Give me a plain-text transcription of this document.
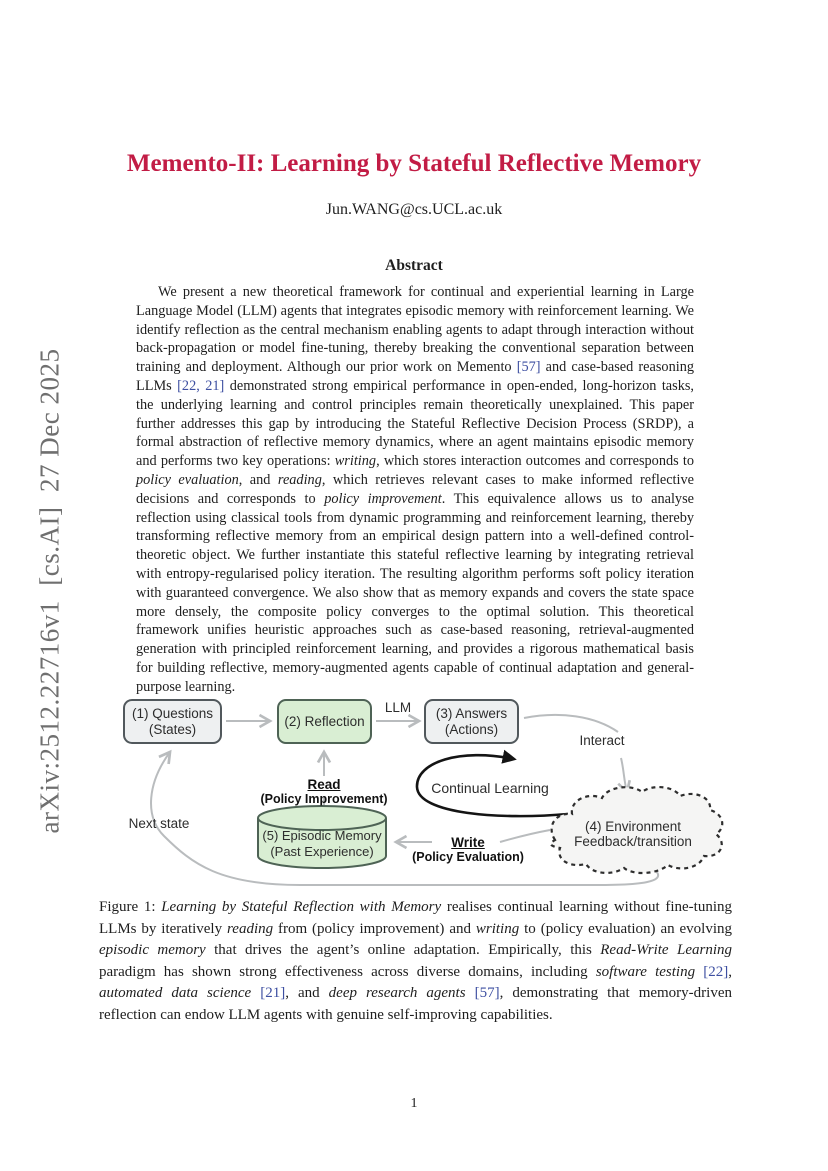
arXiv:2512.22716v1  [cs.AI]  27 Dec 2025
Memento-II: Learning by Stateful Reflective Memory
Jun.WANG@cs.UCL.ac.uk
Abstract

We present a new theoretical framework for continual and experiential learning in Large Language Model (LLM) agents that integrates episodic memory with reinforcement learning. We identify reflection as the central mechanism enabling agents to adapt through interaction without back-propagation or model fine-tuning, thereby breaking the conventional separation between training and deployment. Although our prior work on Memento [57] and case-based reasoning LLMs [22, 21] demonstrated strong empirical performance in open-ended, long-horizon tasks, the underlying learning and control principles remain theoretically unexplained. This paper further addresses this gap by introducing the Stateful Reflective Decision Process (SRDP), a formal abstraction of reflective memory dynamics, where an agent maintains episodic memory and performs two key operations: writing, which stores interaction outcomes and corresponds to policy evaluation, and reading, which retrieves relevant cases to make informed reflective decisions and corresponds to policy improvement. This equivalence allows us to analyse reflection using classical tools from dynamic programming and reinforcement learning, thereby transforming reflective memory from an empirical design pattern into a well-defined control-theoretic object. We further instantiate this stateful reflective learning by integrating retrieval with entropy-regularised policy iteration. The resulting algorithm performs soft policy iteration with guaranteed convergence. We also show that as memory expands and covers the state space more densely, the composite policy converges to the optimal solution. This theoretical framework unifies heuristic approaches such as case-based reasoning, retrieval-augmented generation with principled reinforcement learning, and provides a rigorous mathematical basis for building reflective, memory-augmented agents capable of continual adaptation and general-purpose learning.

(1) Questions
(States)
(2) Reflection
(3) Answers
(Actions)
LLM
Interact
Read
(Policy Improvement)
Continual Learning
Write
(Policy Evaluation)
(5) Episodic Memory
(Past Experience)
(4) Environment
Feedback/transition
Next state

Figure 1: Learning by Stateful Reflection with Memory realises continual learning without fine-tuning LLMs by iteratively reading from (policy improvement) and writing to (policy evaluation) an evolving episodic memory that drives the agent’s online adaptation. Empirically, this Read-Write Learning paradigm has shown strong effectiveness across diverse domains, including software testing [22], automated data science [21], and deep research agents [57], demonstrating that memory-driven reflection can endow LLM agents with genuine self-improving capabilities.

1
